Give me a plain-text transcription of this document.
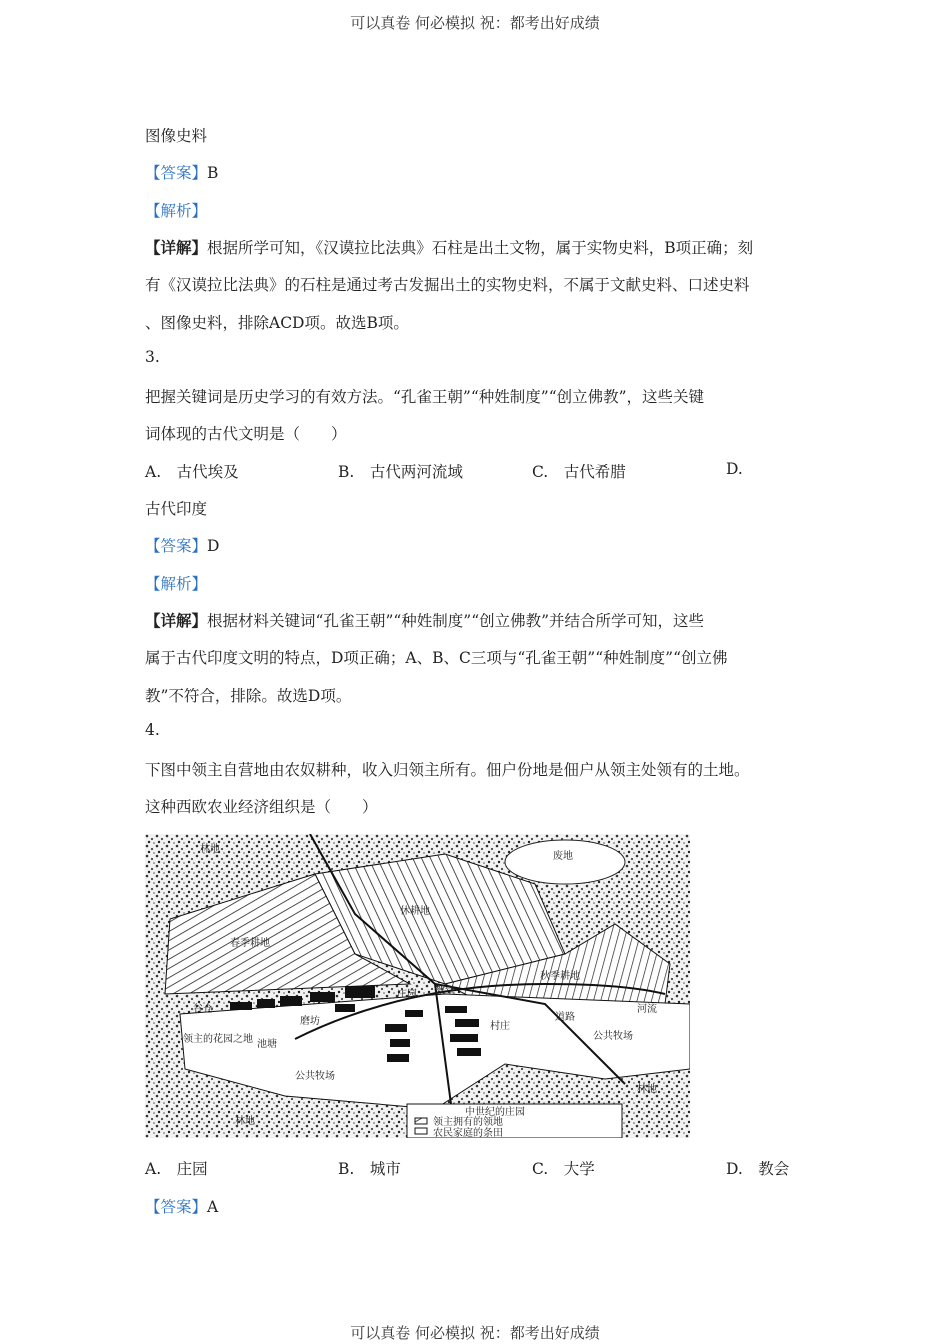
可以真卷 何必模拟 祝：都考出好成绩
图像史料
【答案】B
【解析】
【详解】根据所学可知，《汉谟拉比法典》石柱是出土文物，属于实物史料，B项正确；刻
有《汉谟拉比法典》的石柱是通过考古发掘出土的实物史料，不属于文献史料、口述史料
、图像史料，排除ACD项。故选B项。
3.
把握关键词是历史学习的有效方法。“孔雀王朝”“种姓制度”“创立佛教”，这些关键
词体现的古代文明是（　　）
A.　古代埃及	B.　古代两河流域	C.　古代希腊	D.
古代印度
【答案】D
【解析】
【详解】根据材料关键词“孔雀王朝”“种姓制度”“创立佛教”并结合所学可知，这些
属于古代印度文明的特点，D项正确；A、B、C三项与“孔雀王朝”“种姓制度”“创立佛
教”不符合，排除。故选D项。
4.
下图中领主自营地由农奴耕种，收入归领主所有。佃户份地是佃户从领主处领有的土地。
这种西欧农业经济组织是（　　）
林地
废地
休耕地
春季耕地
秋季耕地
庄园 教堂
谷仓
磨坊
领主的花园之地 池塘
村庄
道路
河流
公共牧场
公共牧场
林地
林地
中世纪的庄园
领主拥有的领地
农民家庭的条田
A.　庄园	B.　城市	C.　大学	D.　教会
【答案】A
可以真卷 何必模拟 祝：都考出好成绩
